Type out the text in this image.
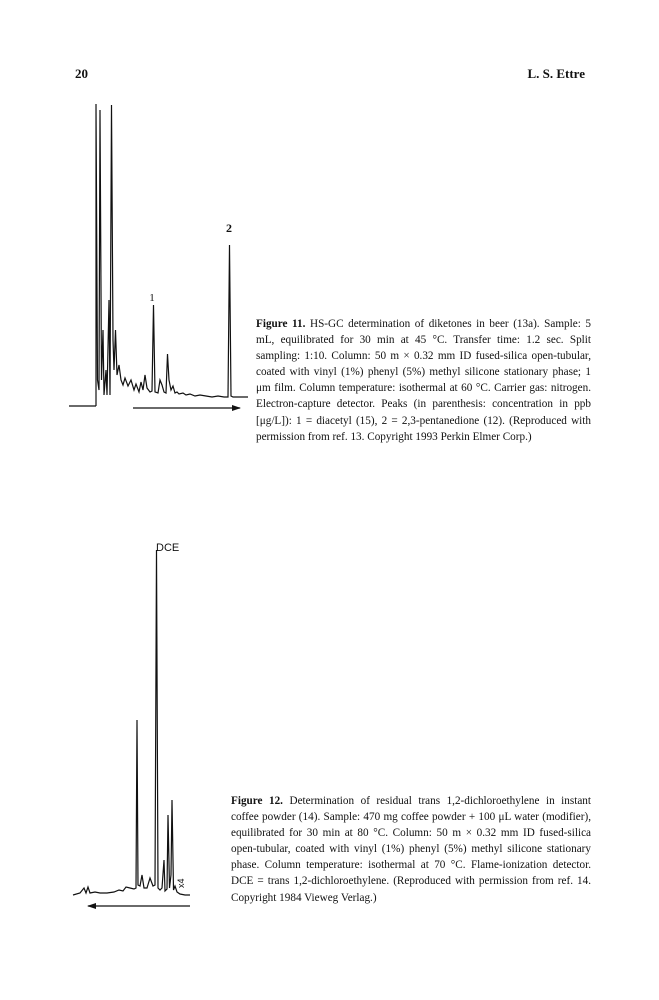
20	L. S. Ettre
1
2
DCE
x4
Figure 11. HS-GC determination of diketones in beer (13a). Sample: 5 mL, equilibrated for 30 min at 45 °C. Transfer time: 1.2 sec. Split sampling: 1:10. Column: 50 m × 0.32 mm ID fused-silica open-tubular, coated with vinyl (1%) phenyl (5%) methyl silicone stationary phase; 1 μm film. Column temperature: isothermal at 60 °C. Carrier gas: nitrogen. Electron-capture detector. Peaks (in parenthesis: concentration in ppb [μg/L]): 1 = diacetyl (15), 2 = 2,3-pentanedione (12). (Reproduced with permission from ref. 13. Copyright 1993 Perkin Elmer Corp.)
Figure 12. Determination of residual trans 1,2-dichloroethylene in instant coffee powder (14). Sample: 470 mg coffee powder + 100 μL water (modifier), equilibrated for 30 min at 80 °C. Column: 50 m × 0.32 mm ID fused-silica open-tubular, coated with vinyl (1%) phenyl (5%) methyl silicone stationary phase. Column temperature: isothermal at 70 °C. Flame-ionization detector. DCE = trans 1,2-dichloroethylene. (Reproduced with permission from ref. 14. Copyright 1984 Vieweg Verlag.)
